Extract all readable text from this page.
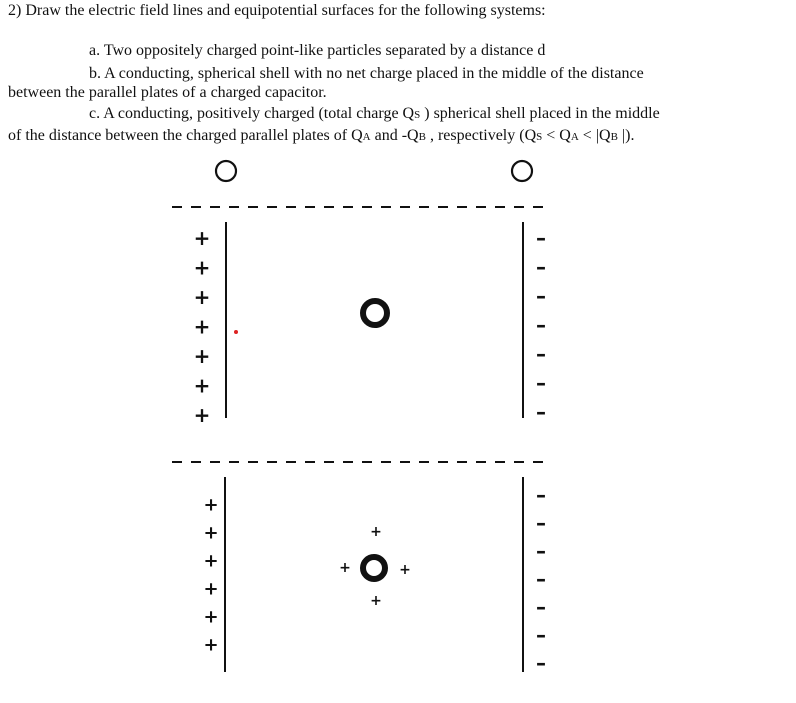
2) Draw the electric field lines and equipotential surfaces for the following systems:
a. Two oppositely charged point-like particles separated by a distance d
b. A conducting, spherical shell with no net charge placed in the middle of the distance
between the parallel plates of a charged capacitor.
c. A conducting, positively charged (total charge QS ) spherical shell placed in the middle
of the distance between the charged parallel plates of QA and -QB , respectively (QS < QA < |QB |).
+
+
+
+
+
+
+
–
–
–
–
–
–
–
+
+
+
+
+
+
–
–
–
–
–
–
–
+
+	+
+
